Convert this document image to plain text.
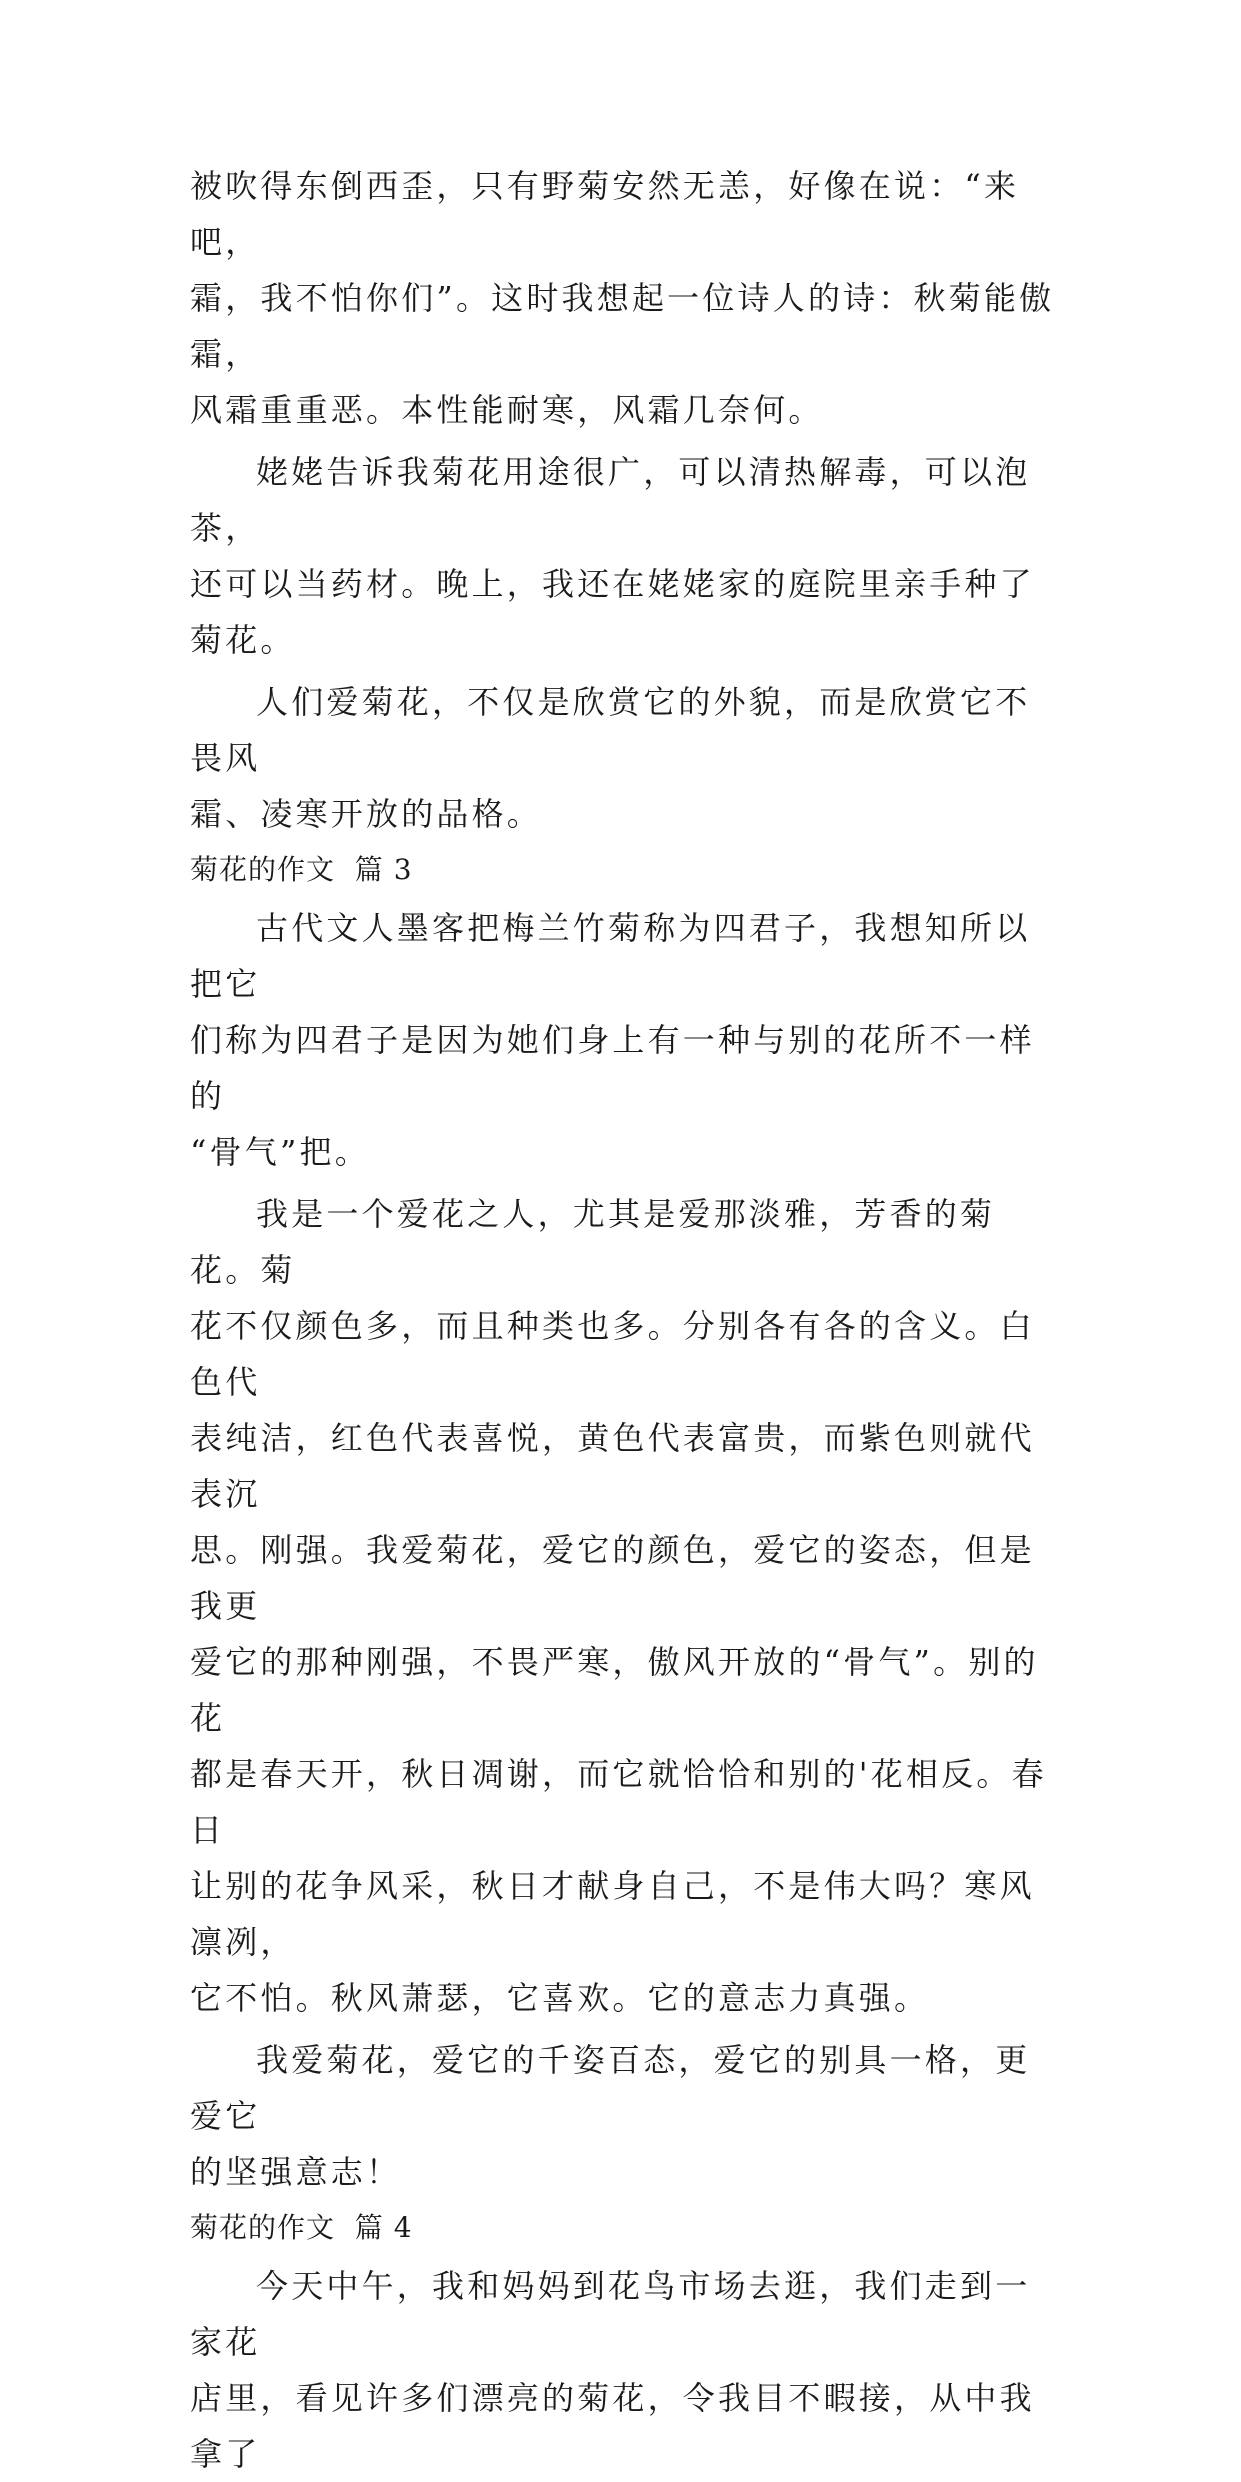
被吹得东倒西歪，只有野菊安然无恙，好像在说：“来吧，
霜，我不怕你们”。这时我想起一位诗人的诗：秋菊能傲霜，
风霜重重恶。本性能耐寒，风霜几奈何。

姥姥告诉我菊花用途很广，可以清热解毒，可以泡茶，
还可以当药材。晚上，我还在姥姥家的庭院里亲手种了菊花。

人们爱菊花，不仅是欣赏它的外貌，而是欣赏它不畏风
霜、凌寒开放的品格。

菊花的作文  篇 3

古代文人墨客把梅兰竹菊称为四君子，我想知所以把它
们称为四君子是因为她们身上有一种与别的花所不一样的
“骨气”把。

我是一个爱花之人，尤其是爱那淡雅，芳香的菊花。菊
花不仅颜色多，而且种类也多。分别各有各的含义。白色代
表纯洁，红色代表喜悦，黄色代表富贵，而紫色则就代表沉
思。刚强。我爱菊花，爱它的颜色，爱它的姿态，但是我更
爱它的那种刚强，不畏严寒，傲风开放的“骨气”。别的花
都是春天开，秋日凋谢，而它就恰恰和别的'花相反。春日
让别的花争风采，秋日才献身自己，不是伟大吗？寒风凛冽，
它不怕。秋风萧瑟，它喜欢。它的意志力真强。

我爱菊花，爱它的千姿百态，爱它的别具一格，更爱它
的坚强意志！

菊花的作文  篇 4

今天中午，我和妈妈到花鸟市场去逛，我们走到一家花
店里，看见许多们漂亮的菊花，令我目不暇接，从中我拿了
